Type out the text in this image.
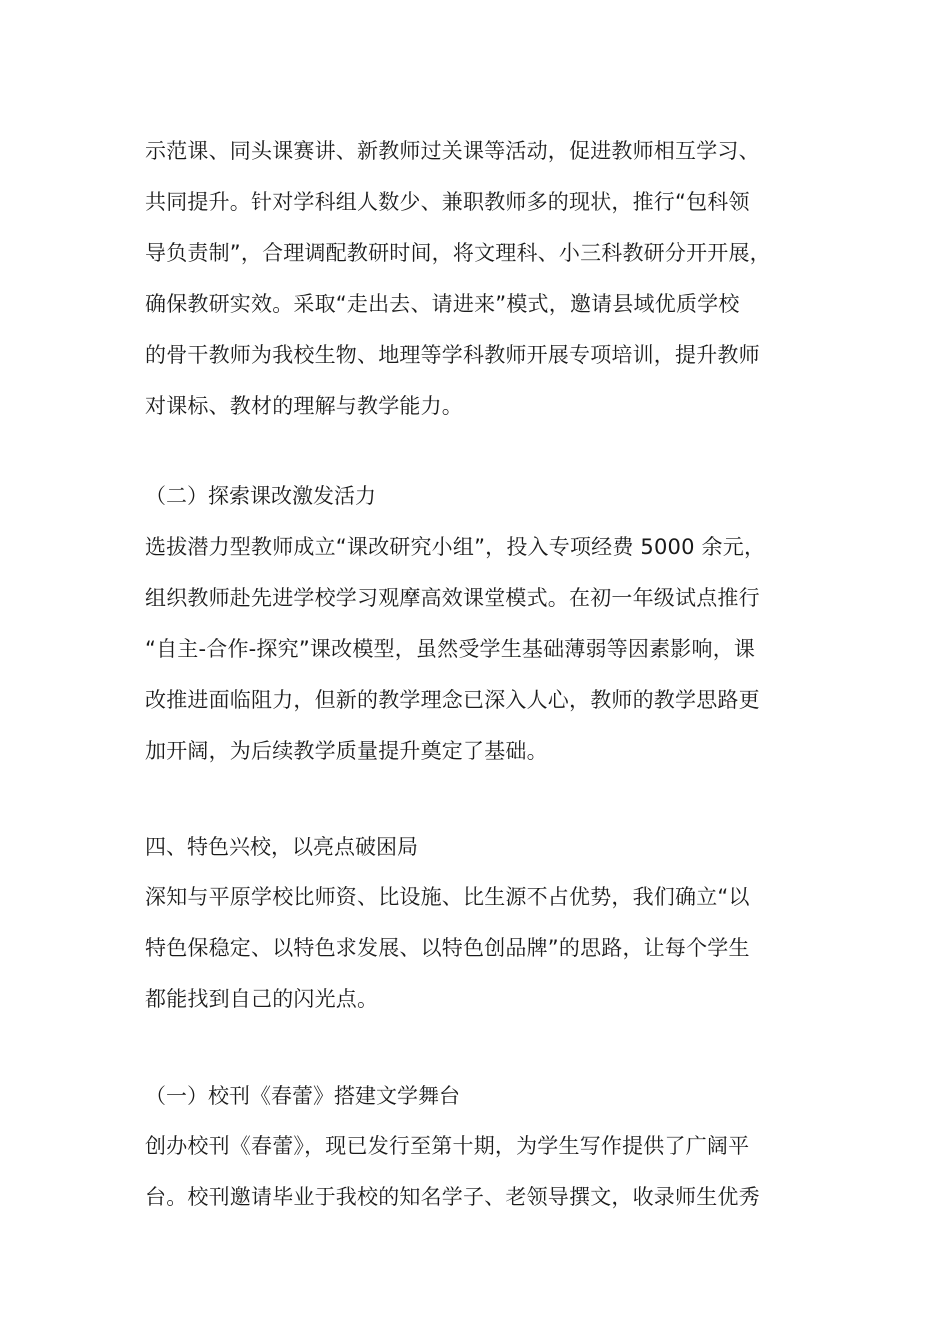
示范课、同头课赛讲、新教师过关课等活动，促进教师相互学习、
共同提升。针对学科组人数少、兼职教师多的现状，推行“包科领
导负责制”，合理调配教研时间，将文理科、小三科教研分开开展，
确保教研实效。采取“走出去、请进来”模式，邀请县域优质学校
的骨干教师为我校生物、地理等学科教师开展专项培训，提升教师
对课标、教材的理解与教学能力。
（二）探索课改激发活力
选拔潜力型教师成立“课改研究小组”，投入专项经费 5000 余元，
组织教师赴先进学校学习观摩高效课堂模式。在初一年级试点推行
“自主-合作-探究”课改模型，虽然受学生基础薄弱等因素影响，课
改推进面临阻力，但新的教学理念已深入人心，教师的教学思路更
加开阔，为后续教学质量提升奠定了基础。
四、特色兴校，以亮点破困局
深知与平原学校比师资、比设施、比生源不占优势，我们确立“以
特色保稳定、以特色求发展、以特色创品牌”的思路，让每个学生
都能找到自己的闪光点。
（一）校刊《春蕾》搭建文学舞台
创办校刊《春蕾》，现已发行至第十期，为学生写作提供了广阔平
台。校刊邀请毕业于我校的知名学子、老领导撰文，收录师生优秀
